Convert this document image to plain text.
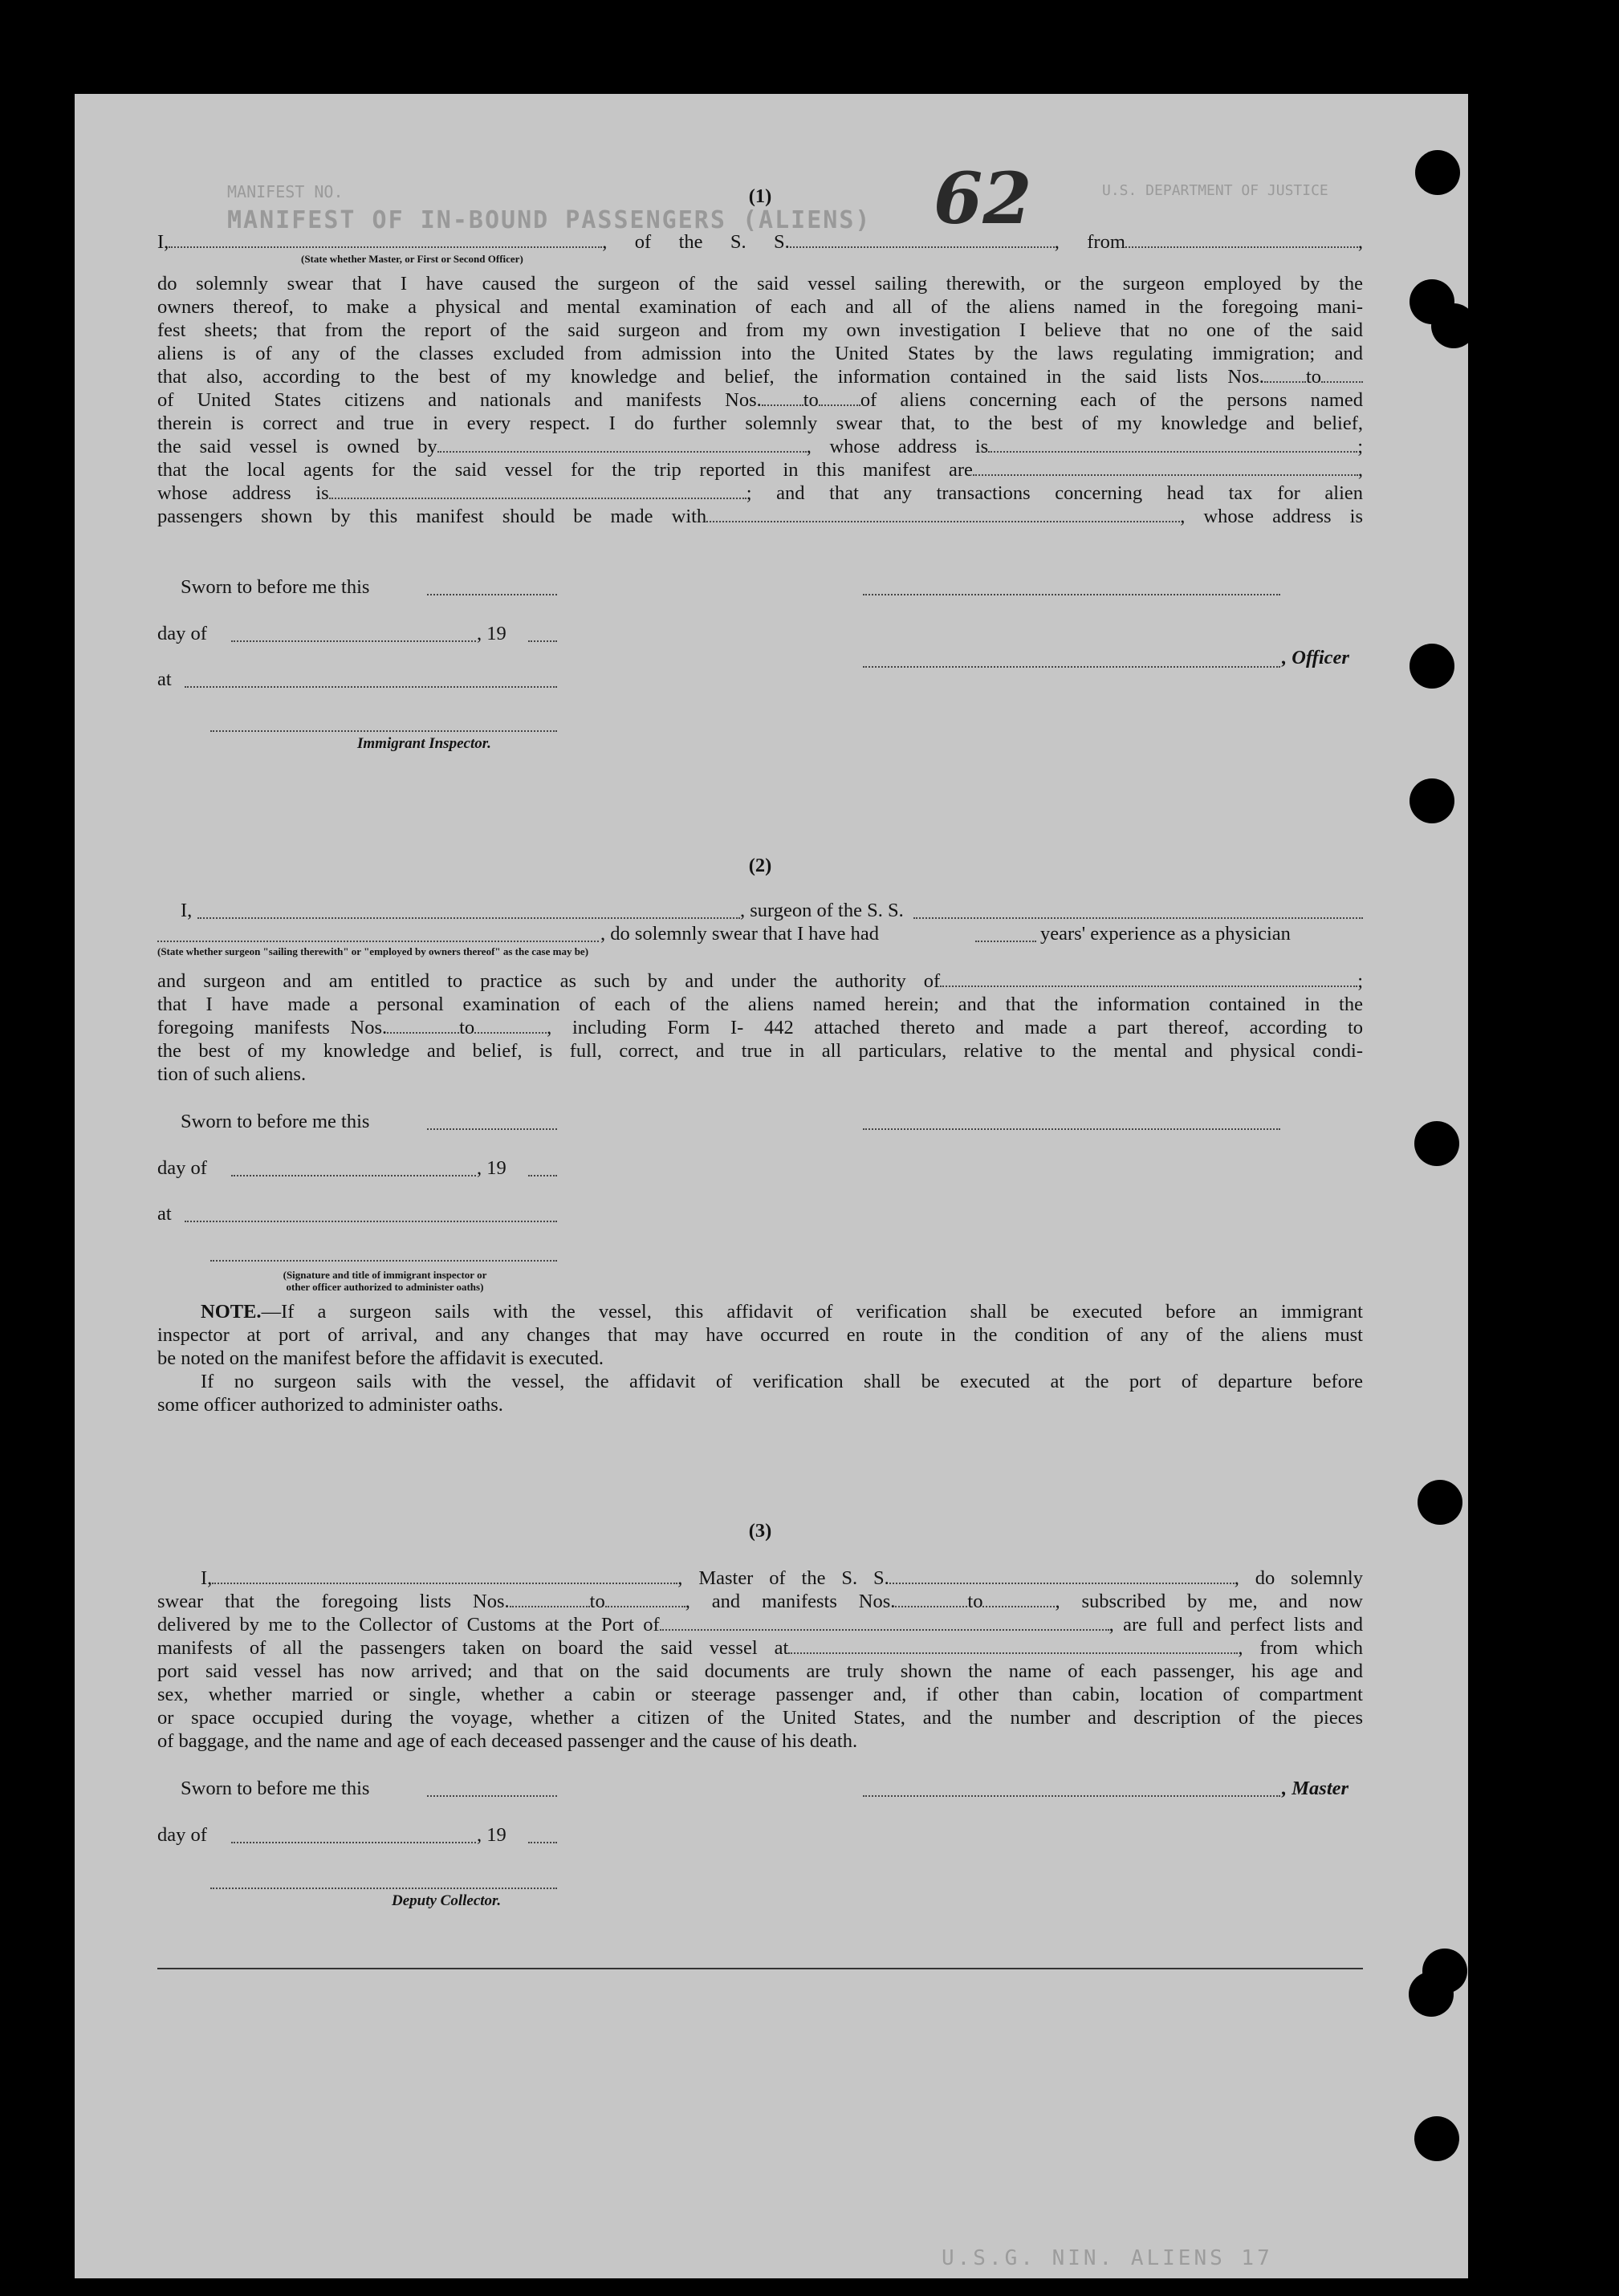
MANIFEST NO.
MANIFEST OF IN-BOUND PASSENGERS (ALIENS)
U.S. DEPARTMENT OF JUSTICE
U.S.G. NIN. ALIENS 17
62
(1)
I,	, of the S. S.	, from	,
(State whether Master, or First or Second Officer)
do solemnly swear that I have caused the surgeon of the said vessel sailing therewith, or the surgeon employed by the
owners thereof, to make a physical and mental examination of each and all of the aliens named in the foregoing mani-
fest sheets; that from the report of the said surgeon and from my own investigation I believe that no one of the said
aliens is of any of the classes excluded from admission into the United States by the laws regulating immigration; and
that also, according to the best of my knowledge and belief, the information contained in the said lists Nos. to
of United States citizens and nationals and manifests Nos. to of aliens concerning each of the persons named
therein is correct and true in every respect. I do further solemnly swear that, to the best of my knowledge and belief,
the said vessel is owned by	, whose address is	;
that the local agents for the said vessel for the trip reported in this manifest are	,
whose address is	; and that any transactions concerning head tax for alien
passengers shown by this manifest should be made with	, whose address is
Sworn to before me this
day of	, 19
, Officer
at
Immigrant Inspector.
(2)
I,	, surgeon of the S. S.
, do solemnly swear that I have had	years' experience as a physician
(State whether surgeon "sailing therewith" or "employed by owners thereof" as the case may be)
and surgeon and am entitled to practice as such by and under the authority of	;
that I have made a personal examination of each of the aliens named herein; and that the information contained in the
foregoing manifests Nos.	to	, including Form I- 442 attached thereto and made a part thereof, according to
the best of my knowledge and belief, is full, correct, and true in all particulars, relative to the mental and physical condi-
tion of such aliens.
Sworn to before me this
day of	, 19
at
(Signature and title of immigrant inspector or
other officer authorized to administer oaths)
NOTE.—If a surgeon sails with the vessel, this affidavit of verification shall be executed before an immigrant
inspector at port of arrival, and any changes that may have occurred en route in the condition of any of the aliens must
be noted on the manifest before the affidavit is executed.
If no surgeon sails with the vessel, the affidavit of verification shall be executed at the port of departure before
some officer authorized to administer oaths.
(3)
I,	, Master of the S. S.	, do solemnly
swear that the foregoing lists Nos.	to	, and manifests Nos.	to	, subscribed by me, and now
delivered by me to the Collector of Customs at the Port of	, are full and perfect lists and
manifests of all the passengers taken on board the said vessel at	, from which
port said vessel has now arrived; and that on the said documents are truly shown the name of each passenger, his age and
sex, whether married or single, whether a cabin or steerage passenger and, if other than cabin, location of compartment
or space occupied during the voyage, whether a citizen of the United States, and the number and description of the pieces
of baggage, and the name and age of each deceased passenger and the cause of his death.
Sworn to before me this	, Master
day of	, 19
Deputy Collector.
